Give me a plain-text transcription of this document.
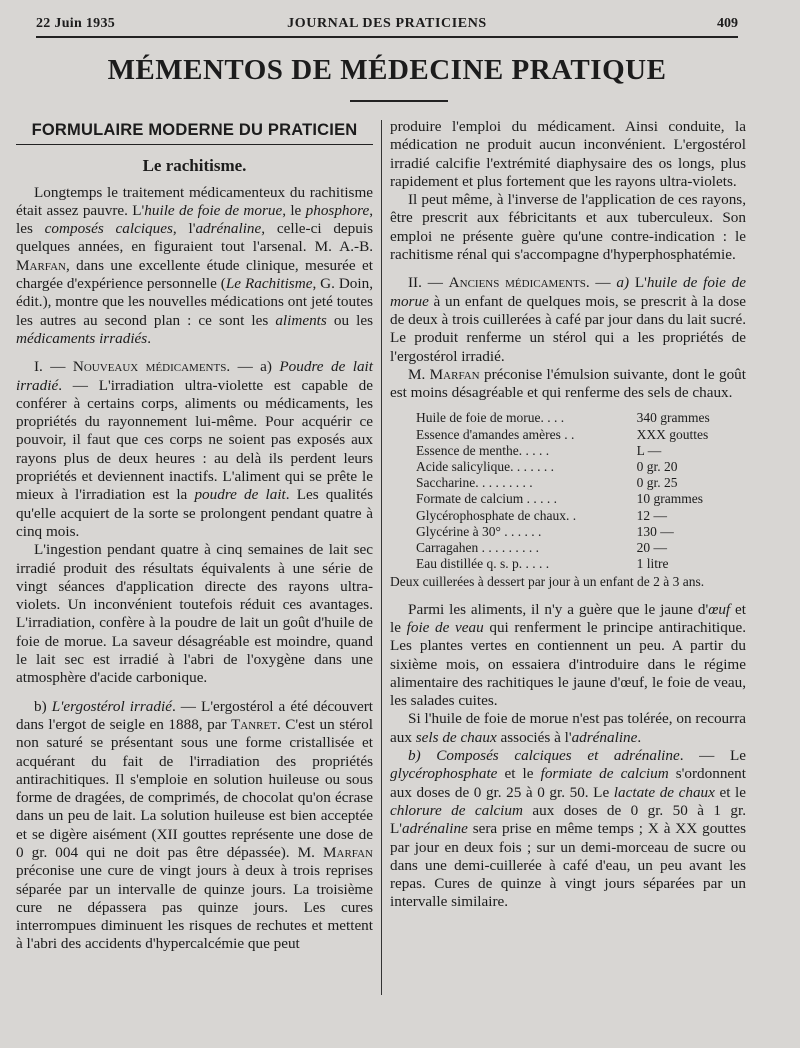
22 Juin 1935	JOURNAL DES PRATICIENS	409
MÉMENTOS DE MÉDECINE PRATIQUE
FORMULAIRE MODERNE DU PRATICIEN
Le rachitisme.

Longtemps le traitement médicamenteux du rachitisme était assez pauvre. L'huile de foie de morue, le phosphore, les composés calciques, l'adrénaline, celle-ci depuis quelques années, en figuraient tout l'arsenal. M. A.-B. Marfan, dans une excellente étude clinique, mesurée et chargée d'expérience personnelle (Le Rachitisme, G. Doin, édit.), montre que les nouvelles médications ont jeté toutes les autres au second plan : ce sont les aliments ou les médicaments irradiés.

I. — Nouveaux médicaments. — a) Poudre de lait irradié. — L'irradiation ultra-violette est capable de conférer à certains corps, aliments ou médicaments, les propriétés du rayonnement lui-même. Pour acquérir ce pouvoir, il faut que ces corps ne soient pas exposés aux rayons plus de deux heures : au delà ils perdent leurs propriétés et deviennent inactifs. L'aliment qui se prête le mieux à l'irradiation est la poudre de lait. Les qualités qu'elle acquiert de la sorte se prolongent pendant quatre à cinq mois.

L'ingestion pendant quatre à cinq semaines de lait sec irradié produit des résultats équivalents à une série de vingt séances d'application directe des rayons ultra-violets. Un inconvénient toutefois réduit ces avantages. L'irradiation, confère à la poudre de lait un goût d'huile de foie de morue. La saveur désagréable est moindre, quand le lait sec est irradié à l'abri de l'oxygène dans une atmosphère d'acide carbonique.

b) L'ergostérol irradié. — L'ergostérol a été découvert dans l'ergot de seigle en 1888, par Tanret. C'est un stérol non saturé se présentant sous une forme cristallisée et acquérant du fait de l'irradiation des propriétés antirachitiques. Il s'emploie en solution huileuse ou sous forme de dragées, de comprimés, de chocolat qu'on écrase dans un peu de lait. La solution huileuse est bien acceptée et se digère aisément (XII gouttes représente une dose de 0 gr. 004 qui ne doit pas être dépassée). M. Marfan préconise une cure de vingt jours à deux à trois reprises séparée par un intervalle de quinze jours. La troisième cure ne dépassera pas quinze jours. Les cures interrompues diminuent les risques de rechutes et mettent à l'abri des accidents d'hypercalcémie que peut

produire l'emploi du médicament. Ainsi conduite, la médication ne produit aucun inconvénient. L'ergostérol irradié calcifie l'extrémité diaphysaire des os longs, plus rapidement et plus fortement que les rayons ultra-violets.

Il peut même, à l'inverse de l'application de ces rayons, être prescrit aux fébricitants et aux tuberculeux. Son emploi ne présente guère qu'une contre-indication : le rachitisme rénal qui s'accompagne d'hyperphosphatémie.

II. — Anciens médicaments. — a) L'huile de foie de morue à un enfant de quelques mois, se prescrit à la dose de deux à trois cuillerées à café par jour dans du lait sucré. Le produit renferme un stérol qui a les propriétés de l'ergostérol irradié.

M. Marfan préconise l'émulsion suivante, dont le goût est moins désagréable et qui renferme des sels de chaux.

Huile de foie de morue. . . .	340 grammes
Essence d'amandes amères . .	XXX gouttes
Essence de menthe. . . . .	L —
Acide salicylique. . . . . . .	0 gr. 20
Saccharine. . . . . . . . .	0 gr. 25
Formate de calcium . . . . .	10 grammes
Glycérophosphate de chaux. .	12 —
Glycérine à 30° . . . . . .	130 —
Carragahen . . . . . . . . .	20 —
Eau distillée q. s. p. . . . .	1 litre

Deux cuillerées à dessert par jour à un enfant de 2 à 3 ans.

Parmi les aliments, il n'y a guère que le jaune d'œuf et le foie de veau qui renferment le principe antirachitique. Les plantes vertes en contiennent un peu. A partir du sixième mois, on essaiera d'introduire dans le régime alimentaire des rachitiques le jaune d'œuf, le foie de veau, les salades cuites.

Si l'huile de foie de morue n'est pas tolérée, on recourra aux sels de chaux associés à l'adrénaline.

b) Composés calciques et adrénaline. — Le glycérophosphate et le formiate de calcium s'ordonnent aux doses de 0 gr. 25 à 0 gr. 50. Le lactate de chaux et le chlorure de calcium aux doses de 0 gr. 50 à 1 gr. L'adrénaline sera prise en même temps ; X à XX gouttes par jour en deux fois ; sur un demi-morceau de sucre ou dans une demi-cuillerée à café d'eau, un peu avant les repas. Cures de quinze à vingt jours séparées par un intervalle similaire.
